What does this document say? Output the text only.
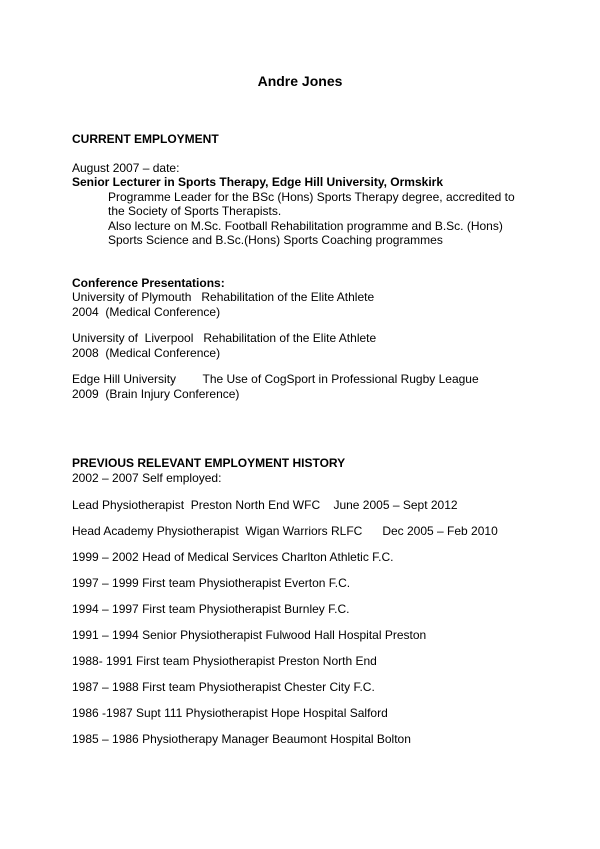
Andre Jones
CURRENT EMPLOYMENT
August 2007 – date:
Senior Lecturer in Sports Therapy, Edge Hill University, Ormskirk
Programme Leader for the BSc (Hons) Sports Therapy degree, accredited to
the Society of Sports Therapists.
Also lecture on M.Sc. Football Rehabilitation programme and B.Sc. (Hons)
Sports Science and B.Sc.(Hons) Sports Coaching programmes
Conference Presentations:
University of Plymouth   Rehabilitation of the Elite Athlete
2004  (Medical Conference)
University of  Liverpool   Rehabilitation of the Elite Athlete
2008  (Medical Conference)
Edge Hill University        The Use of CogSport in Professional Rugby League
2009  (Brain Injury Conference)
PREVIOUS RELEVANT EMPLOYMENT HISTORY
2002 – 2007 Self employed:
Lead Physiotherapist  Preston North End WFC    June 2005 – Sept 2012
Head Academy Physiotherapist  Wigan Warriors RLFC      Dec 2005 – Feb 2010
1999 – 2002 Head of Medical Services Charlton Athletic F.C.
1997 – 1999 First team Physiotherapist Everton F.C.
1994 – 1997 First team Physiotherapist Burnley F.C.
1991 – 1994 Senior Physiotherapist Fulwood Hall Hospital Preston
1988- 1991 First team Physiotherapist Preston North End
1987 – 1988 First team Physiotherapist Chester City F.C.
1986 -1987 Supt 111 Physiotherapist Hope Hospital Salford
1985 – 1986 Physiotherapy Manager Beaumont Hospital Bolton
